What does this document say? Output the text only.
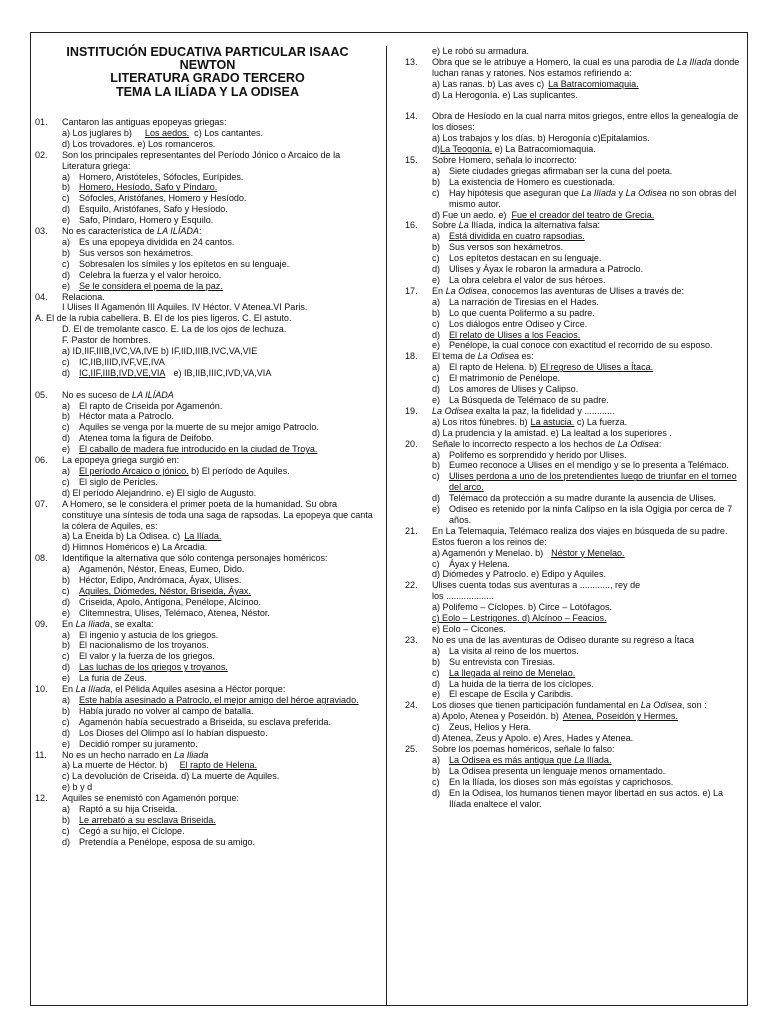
INSTITUCIÓN EDUCATIVA PARTICULAR ISAAC
NEWTON
LITERATURA GRADO TERCERO
TEMA LA ILÍADA Y LA ODISEA
01.	Cantaron las antiguas epopeyas griegas:
a) Los juglares b) Los aedos. c) Los cantantes.
d) Los trovadores. e) Los romanceros.
02.	Son los principales representantes del Período Jónico o Arcaico de la Literatura griega:
a) Homero, Aristóteles, Sófocles, Eurípides.
b) Homero, Hesíodo, Safo y Píndaro.
c)	Sófocles, Aristófanes, Homero y Hesíodo.
d) Esquilo, Aristófanes, Safo y Hesíodo.
e) Safo, Píndaro, Homero y Esquilo.
03.	No es característica de LA ILÍADA:
a) Es una epopeya dividida en 24 cantos.
b) Sus versos son hexámetros.
c)	Sobresalen los símiles y los epítetos en su lenguaje.
d) Celebra la fuerza y el valor heroico.
e) Se le considera el poema de la paz.
04.	Relaciona.
I Ulises II Agamenón III Aquiles. IV Héctor. V Atenea.VI Paris.
A. El de la rubia cabellera. B. El de los pies ligeros. C. El astuto.
D. El de tremolante casco. E. La de los ojos de lechuza.
F. Pastor de hombres.
a) ID,IIF,IIIB,IVC,VA,IVE b) IF,IID,IIIB,IVC,VA,VIE
c)	IC,IIB,IIID,IVF,VE,IVA
d) IC,IIF,IIIB,IVD,VE,VIA e) IB,IIB,IIIC,IVD,VA,VIA
05.	No es suceso de LA ILÍADA
a) El rapto de Criseida por Agamenón.
b) Héctor mata a Patroclo.
c)	Aquiles se venga por la muerte de su mejor amigo Patroclo.
d) Atenea toma la figura de Deifobo.
e) El caballo de madera fue introducido en la ciudad de Troya.
06.	La epopeya griega surgió en:
a) El período Arcaico o jónico. b) El período de Aquiles.
c)	El siglo de Pericles.
d) El período Alejandrino. e) El siglo de Augusto.
07.	A Homero, se le considera el primer poeta de la humanidad. Su obra constituye una síntesis de toda una saga de rapsodas. La epopeya que canta la cólera de Aquiles, es:
a) La Eneida b) La Odisea. c) La Ilíada.
d) Himnos Homéricos e) La Arcadia.
08.	Identifique la alternativa que sólo contenga personajes homéricos:
a) Agamenón, Néstor, Eneas, Eumeo, Dido.
b) Héctor, Edipo, Andrómaca, Áyax, Ulises.
c)	Aquiles, Diómedes, Néstor, Briseida, Áyax.
d) Criseida, Apolo, Antígona, Penélope, Alcínoo.
e) Clitemnestra, Ulises, Telémaco, Atenea, Néstor.
09.	En La Iliada, se exalta:
a) El ingenio y astucia de los griegos.
b) El nacionalismo de los troyanos.
c)	El valor y la fuerza de los griegos.
d) Las luchas de los griegos y troyanos.
e) La furia de Zeus.
10.	En La Ilíada, el Pélida Aquiles asesina a Héctor porque:
a) Este había asesinado a Patroclo, el mejor amigo del héroe agraviado.
b) Había jurado no volver al campo de batalla.
c)	Agamenón había secuestrado a Briseida, su esclava preferida.
d) Los Dioses del Olimpo así lo habían dispuesto.
e) Decidió romper su juramento.
11.	No es un hecho narrado en La Iliada
a) La muerte de Héctor. b) El rapto de Helena.
c) La devolución de Criseida. d) La muerte de Aquiles.
e) b y d
12.	Aquiles se enemistó con Agamenón porque:
a) Raptó a su hija Criseida.
b) Le arrebató a su esclava Briseida.
c)	Cegó a su hijo, el Cíclope.
d) Pretendía a Penélope, esposa de su amigo.
e) Le robó su armadura.
13.	Obra que se le atribuye a Homero, la cual es una parodia de La Ilíada donde luchan ranas y ratones. Nos estamos refiriendo a:
a) Las ranas. b) Las aves c) La Batracomiomaquia.
d) La Herogonía. e) Las suplicantes.
14.	Obra de Hesíodo en la cual narra mitos griegos, entre ellos la genealogía de los dioses:
a) Los trabajos y los días. b) Herogonía c)Epitalamios.
d)La Teogonía. e) La Batracomiomaquia.
15.	Sobre Homero, señala lo incorrecto:
a) Siete ciudades griegas afirmaban ser la cuna del poeta.
b) La existencia de Homero es cuestionada.
c)	Hay hipótesis que aseguran que La Ilíada y La Odisea no son obras del mismo autor.
d) Fue un aedo. e) Fue el creador del teatro de Grecia.
16.	Sobre La Ilíada, indica la alternativa falsa:
a) Está dividida en cuatro rapsodias.
b) Sus versos son hexámetros.
c)	Los epítetos destacan en su lenguaje.
d) Ulises y Áyax le robaron la armadura a Patroclo.
e) La obra celebra el valor de sus héroes.
17.	En La Odisea, conocemos las aventuras de Ulises a través de:
a) La narración de Tiresias en el Hades.
b) Lo que cuenta Polifermo a su padre.
c)	Los diálogos entre Odiseo y Circe.
d) El relato de Ulises a los Feacios.
e) Penélope, la cual conoce con exactitud el recorrido de su esposo.
18.	El tema de La Odisea es:
a) El rapto de Helena. b) El regreso de Ulises a Ítaca.
c)	El matrimonio de Penélope.
d) Los amores de Ulises y Calipso.
e) La Búsqueda de Telémaco de su padre.
19.	La Odisea exalta la paz, la fidelidad y ............
a) Los ritos fúnebres. b) La astucia. c) La fuerza.
d) La prudencia y la amistad. e) La lealtad a los superiores .
20.	Señale lo incorrecto respecto a los hechos de La Odisea:
a) Polifemo es sorprendido y herido por Ulises.
b) Eumeo reconoce a Ulises en el mendigo y se lo presenta a Telémaco.
c)	Ulises perdona a uno de los pretendientes luego de triunfar en el torneo del arco.
d) Telémaco da protección a su madre durante la ausencia de Ulises.
e) Odiseo es retenido por la ninfa Calipso en la isla Ogigia por cerca de 7 años.
21.	En La Telemaquia, Telémaco realiza dos viajes en búsqueda de su padre. Estos fueron a los reinos de:
a) Agamenón y Menelao. b) Néstor y Menelao.
c)	Áyax y Helena.
d) Diómedes y Patroclo. e) Edipo y Aquiles.
22.	Ulises cuenta todas sus aventuras a ............, rey de
los ...................
a) Polifemo – Cíclopes. b) Circe – Lotófagos.
c) Eolo – Lestrigones. d) Alcínoo – Feacios.
e) Eolo – Cicones.
23.	No es una de las aventuras de Odiseo durante su regreso a Ítaca
a) La visita al reino de los muertos.
b) Su entrevista con Tiresias.
c)	La llegada al reino de Menelao.
d) La huida de la tierra de los cíclopes.
e) El escape de Escila y Caribdis.
24.	Los dioses que tienen participación fundamental en La Odisea, son :
a) Apolo, Atenea y Poseidón. b) Atenea, Poseidón y Hermes.
c)	Zeus, Helios y Hera.
d) Atenea, Zeus y Apolo. e) Ares, Hades y Atenea.
25.	Sobre los poemas homéricos, señale lo falso:
a) La Odisea es más antigua que La Ilíada.
b) La Odisea presenta un lenguaje menos ornamentado.
c)	En la Ilíada, los dioses son más egoístas y caprichosos.
d) En la Odisea, los humanos tienen mayor libertad en sus actos. e) La Ilíada enaltece el valor.
